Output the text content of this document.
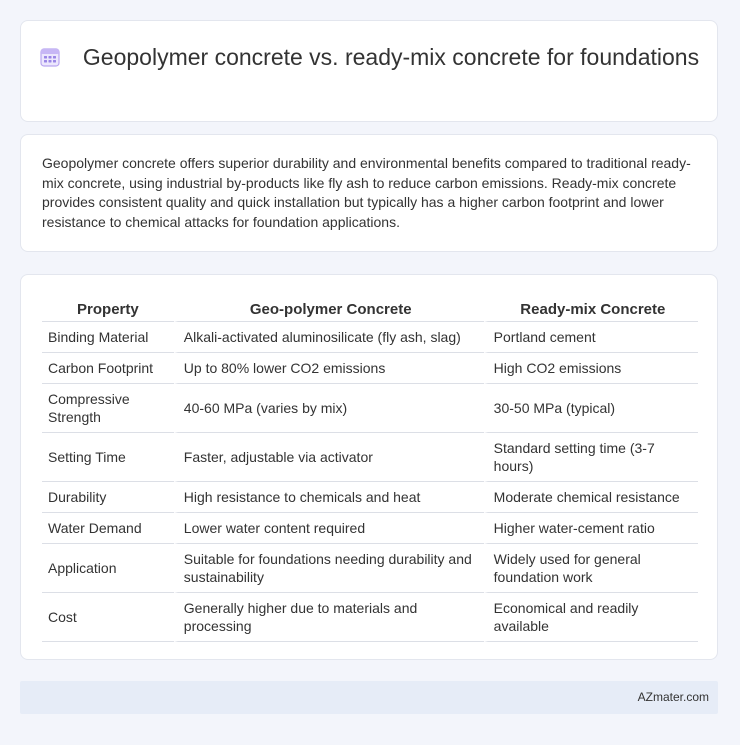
Geopolymer concrete vs. ready-mix concrete for foundations

Geopolymer concrete offers superior durability and environmental benefits compared to traditional ready-mix concrete, using industrial by-products like fly ash to reduce carbon emissions. Ready-mix concrete provides consistent quality and quick installation but typically has a higher carbon footprint and lower resistance to chemical attacks for foundation applications.

Property	Geo-polymer Concrete	Ready-mix Concrete
Binding Material	Alkali-activated aluminosilicate (fly ash, slag)	Portland cement
Carbon Footprint	Up to 80% lower CO2 emissions	High CO2 emissions
Compressive Strength	40-60 MPa (varies by mix)	30-50 MPa (typical)
Setting Time	Faster, adjustable via activator	Standard setting time (3-7 hours)
Durability	High resistance to chemicals and heat	Moderate chemical resistance
Water Demand	Lower water content required	Higher water-cement ratio
Application	Suitable for foundations needing durability and sustainability	Widely used for general foundation work
Cost	Generally higher due to materials and processing	Economical and readily available
AZmater.com
